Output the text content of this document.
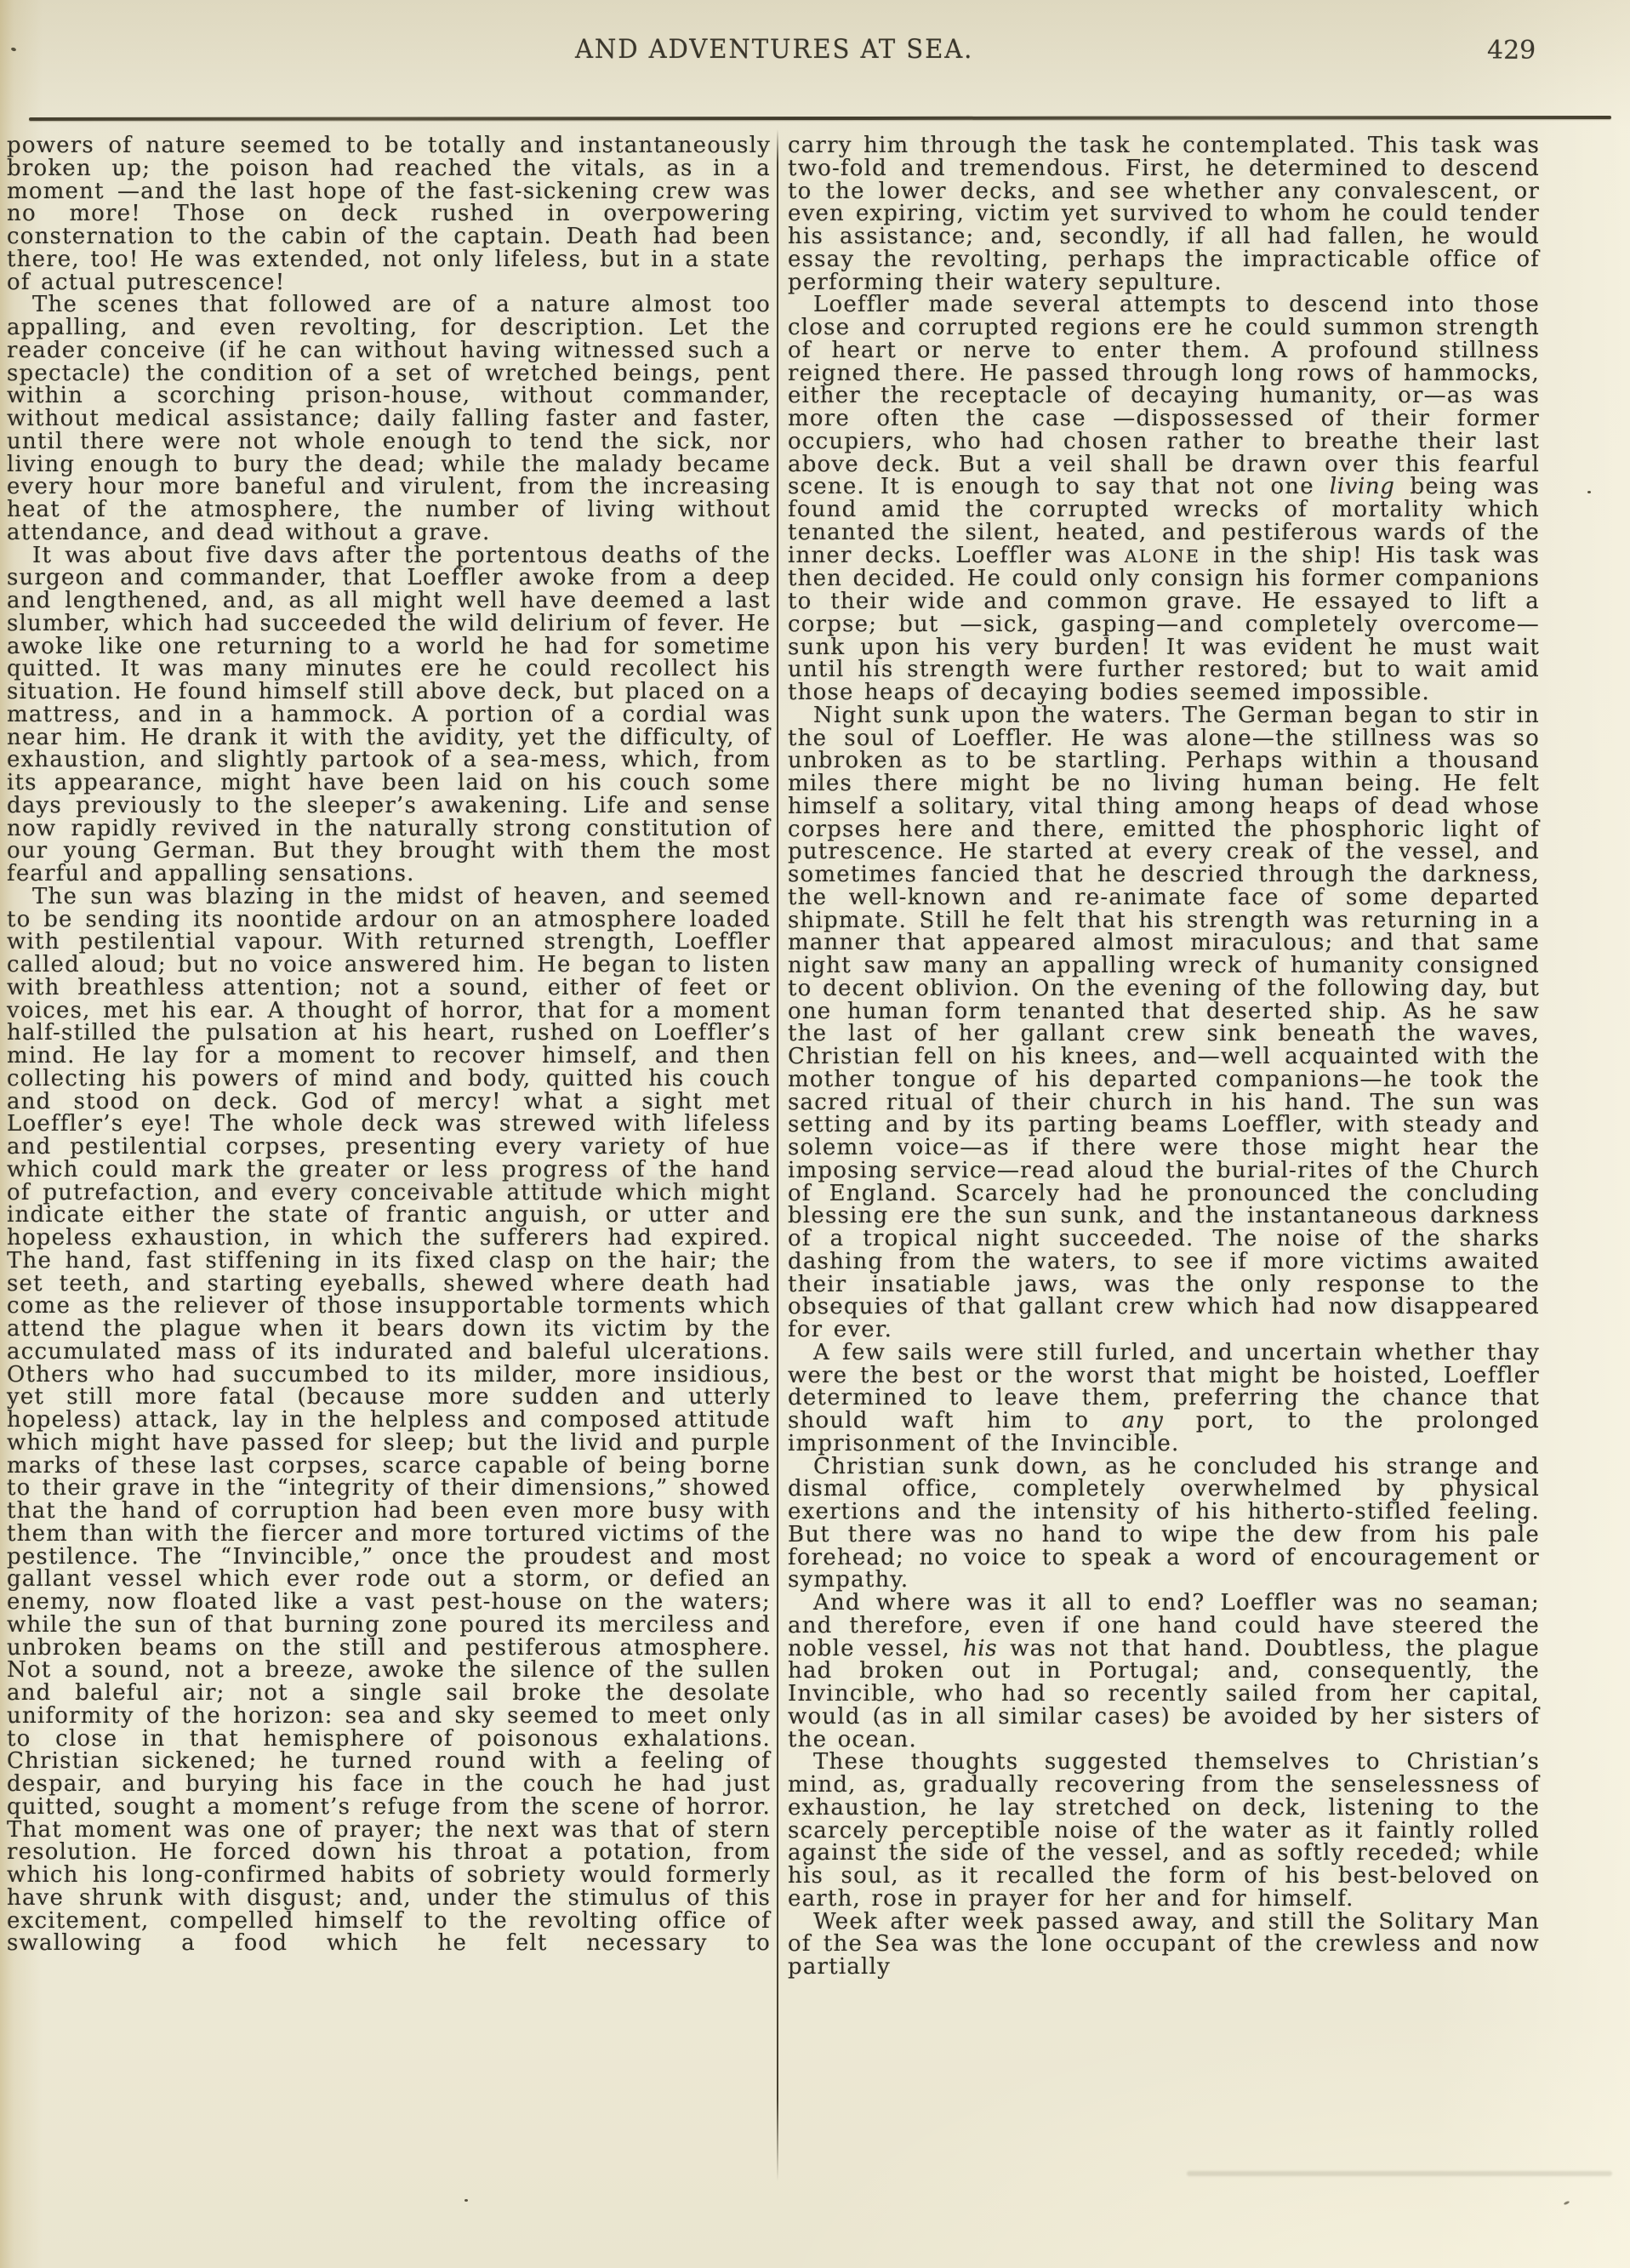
AND ADVENTURES AT SEA.	429

powers of nature seemed to be totally and instantaneously broken up; the poison had reached the vitals, as in a moment —and the last hope of the fast-sickening crew was no more! Those on deck rushed in overpowering consternation to the cabin of the captain. Death had been there, too! He was extended, not only lifeless, but in a state of actual putrescence!

The scenes that followed are of a nature almost too appalling, and even revolting, for description. Let the reader conceive (if he can without having witnessed such a spectacle) the condition of a set of wretched beings, pent within a scorching prison-house, without commander, without medical assistance; daily falling faster and faster, until there were not whole enough to tend the sick, nor living enough to bury the dead; while the malady became every hour more baneful and virulent, from the increasing heat of the atmosphere, the number of living without attendance, and dead without a grave.

It was about five davs after the portentous deaths of the surgeon and commander, that Loeffler awoke from a deep and lengthened, and, as all might well have deemed a last slumber, which had succeeded the wild delirium of fever. He awoke like one returning to a world he had for sometime quitted. It was many minutes ere he could recollect his situation. He found himself still above deck, but placed on a mattress, and in a hammock. A portion of a cordial was near him. He drank it with the avidity, yet the difficulty, of exhaustion, and slightly partook of a sea-mess, which, from its appearance, might have been laid on his couch some days previously to the sleeper’s awakening. Life and sense now rapidly revived in the naturally strong constitution of our young German. But they brought with them the most fearful and appalling sensations.

The sun was blazing in the midst of heaven, and seemed to be sending its noontide ardour on an atmosphere loaded with pestilential vapour. With returned strength, Loeffler called aloud; but no voice answered him. He began to listen with breathless attention; not a sound, either of feet or voices, met his ear. A thought of horror, that for a moment half-stilled the pulsation at his heart, rushed on Loeffler’s mind. He lay for a moment to recover himself, and then collecting his powers of mind and body, quitted his couch and stood on deck. God of mercy! what a sight met Loeffler’s eye! The whole deck was strewed with lifeless and pestilential corpses, presenting every variety of hue which could mark the greater or less progress of the hand of putrefaction, and every conceivable attitude which might indicate either the state of frantic anguish, or utter and hopeless exhaustion, in which the sufferers had expired. The hand, fast stiffening in its fixed clasp on the hair; the set teeth, and starting eyeballs, shewed where death had come as the reliever of those insupportable torments which attend the plague when it bears down its victim by the accumulated mass of its indurated and baleful ulcerations. Others who had succumbed to its milder, more insidious, yet still more fatal (because more sudden and utterly hopeless) attack, lay in the helpless and composed attitude which might have passed for sleep; but the livid and purple marks of these last corpses, scarce capable of being borne to their grave in the “integrity of their dimensions,” showed that the hand of corruption had been even more busy with them than with the fiercer and more tortured victims of the pestilence. The “Invincible,” once the proudest and most gallant vessel which ever rode out a storm, or defied an enemy, now floated like a vast pest-house on the waters; while the sun of that burning zone poured its merciless and unbroken beams on the still and pestiferous atmosphere. Not a sound, not a breeze, awoke the silence of the sullen and baleful air; not a single sail broke the desolate uniformity of the horizon: sea and sky seemed to meet only to close in that hemisphere of poisonous exhalations. Christian sickened; he turned round with a feeling of despair, and burying his face in the couch he had just quitted, sought a moment’s refuge from the scene of horror. That moment was one of prayer; the next was that of stern resolution. He forced down his throat a potation, from which his long-confirmed habits of sobriety would formerly have shrunk with disgust; and, under the stimulus of this excitement, compelled himself to the revolting office of swallowing a food which he felt necessary to

carry him through the task he contemplated. This task was two-fold and tremendous. First, he determined to descend to the lower decks, and see whether any convalescent, or even expiring, victim yet survived to whom he could tender his assistance; and, secondly, if all had fallen, he would essay the revolting, perhaps the impracticable office of performing their watery sepulture.

Loeffler made several attempts to descend into those close and corrupted regions ere he could summon strength of heart or nerve to enter them. A profound stillness reigned there. He passed through long rows of hammocks, either the receptacle of decaying humanity, or—as was more often the case —dispossessed of their former occupiers, who had chosen rather to breathe their last above deck. But a veil shall be drawn over this fearful scene. It is enough to say that not one living being was found amid the corrupted wrecks of mortality which tenanted the silent, heated, and pestiferous wards of the inner decks. Loeffler was ALONE in the ship! His task was then decided. He could only consign his former companions to their wide and common grave. He essayed to lift a corpse; but —sick, gasping—and completely overcome—sunk upon his very burden! It was evident he must wait until his strength were further restored; but to wait amid those heaps of decaying bodies seemed impossible.

Night sunk upon the waters. The German began to stir in the soul of Loeffler. He was alone—the stillness was so unbroken as to be startling. Perhaps within a thousand miles there might be no living human being. He felt himself a solitary, vital thing among heaps of dead whose corpses here and there, emitted the phosphoric light of putrescence. He started at every creak of the vessel, and sometimes fancied that he descried through the darkness, the well-known and re-animate face of some departed shipmate. Still he felt that his strength was returning in a manner that appeared almost miraculous; and that same night saw many an appalling wreck of humanity consigned to decent oblivion. On the evening of the following day, but one human form tenanted that deserted ship. As he saw the last of her gallant crew sink beneath the waves, Christian fell on his knees, and—well acquainted with the mother tongue of his departed companions—he took the sacred ritual of their church in his hand. The sun was setting and by its parting beams Loeffler, with steady and solemn voice—as if there were those might hear the imposing service—read aloud the burial-rites of the Church of England. Scarcely had he pronounced the concluding blessing ere the sun sunk, and the instantaneous darkness of a tropical night succeeded. The noise of the sharks dashing from the waters, to see if more victims awaited their insatiable jaws, was the only response to the obsequies of that gallant crew which had now disappeared for ever.

A few sails were still furled, and uncertain whether thay were the best or the worst that might be hoisted, Loeffler determined to leave them, preferring the chance that should waft him to any port, to the prolonged imprisonment of the Invincible.

Christian sunk down, as he concluded his strange and dismal office, completely overwhelmed by physical exertions and the intensity of his hitherto-stifled feeling. But there was no hand to wipe the dew from his pale forehead; no voice to speak a word of encouragement or sympathy.

And where was it all to end? Loeffler was no seaman; and therefore, even if one hand could have steered the noble vessel, his was not that hand. Doubtless, the plague had broken out in Portugal; and, consequently, the Invincible, who had so recently sailed from her capital, would (as in all similar cases) be avoided by her sisters of the ocean.

These thoughts suggested themselves to Christian’s mind, as, gradually recovering from the senselessness of exhaustion, he lay stretched on deck, listening to the scarcely perceptible noise of the water as it faintly rolled against the side of the vessel, and as softly receded; while his soul, as it recalled the form of his best-beloved on earth, rose in prayer for her and for himself.

Week after week passed away, and still the Solitary Man of the Sea was the lone occupant of the crewless and now partially
